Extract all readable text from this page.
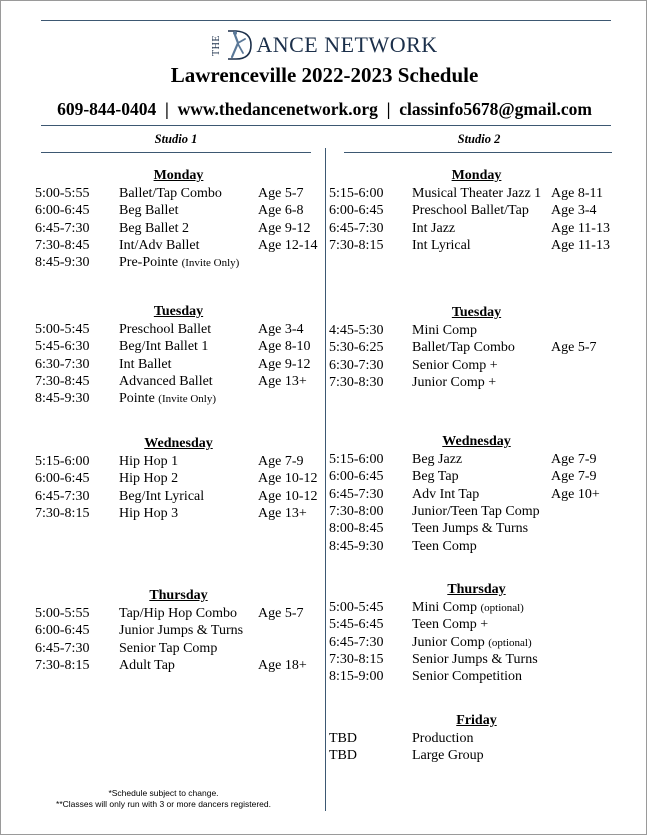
THE ANCE NETWORK
Lawrenceville 2022-2023 Schedule
609-844-0404  |  www.thedancenetwork.org  |  classinfo5678@gmail.com
Studio 1	Studio 2
Monday
5:00-5:55 Ballet/Tap Combo	Age 5-7
6:00-6:45 Beg Ballet	Age 6-8
6:45-7:30 Beg Ballet 2	Age 9-12
7:30-8:45 Int/Adv Ballet	Age 12-14
8:45-9:30 Pre-Pointe (Invite Only)
Tuesday
5:00-5:45 Preschool Ballet	Age 3-4
5:45-6:30 Beg/Int Ballet 1	Age 8-10
6:30-7:30 Int Ballet	Age 9-12
7:30-8:45 Advanced Ballet	Age 13+
8:45-9:30 Pointe (Invite Only)
Wednesday
5:15-6:00 Hip Hop 1	Age 7-9
6:00-6:45 Hip Hop 2	Age 10-12
6:45-7:30 Beg/Int Lyrical	Age 10-12
7:30-8:15 Hip Hop 3	Age 13+
Thursday
5:00-5:55 Tap/Hip Hop Combo Age 5-7
6:00-6:45 Junior Jumps & Turns
6:45-7:30 Senior Tap Comp
7:30-8:15 Adult Tap	Age 18+
Monday
5:15-6:00 Musical Theater Jazz 1 Age 8-11
6:00-6:45 Preschool Ballet/Tap Age 3-4
6:45-7:30 Int Jazz	Age 11-13
7:30-8:15 Int Lyrical	Age 11-13
Tuesday
4:45-5:30 Mini Comp
5:30-6:25 Ballet/Tap Combo	Age 5-7
6:30-7:30 Senior Comp +
7:30-8:30 Junior Comp +
Wednesday
5:15-6:00 Beg Jazz	Age 7-9
6:00-6:45 Beg Tap	Age 7-9
6:45-7:30 Adv Int Tap	Age 10+
7:30-8:00 Junior/Teen Tap Comp
8:00-8:45 Teen Jumps & Turns
8:45-9:30 Teen Comp
Thursday
5:00-5:45 Mini Comp (optional)
5:45-6:45 Teen Comp +
6:45-7:30 Junior Comp (optional)
7:30-8:15 Senior Jumps & Turns
8:15-9:00 Senior Competition
Friday
TBD	Production
TBD	Large Group
*Schedule subject to change.
**Classes will only run with 3 or more dancers registered.
